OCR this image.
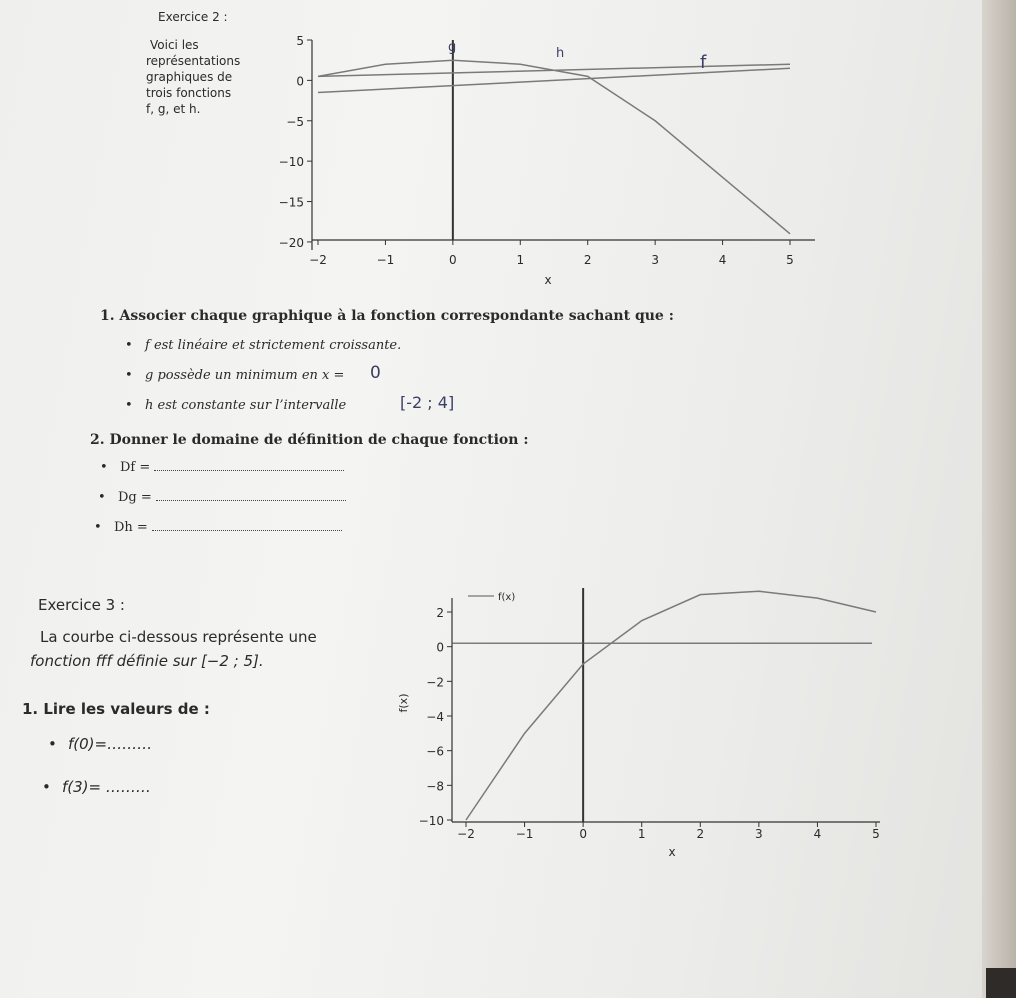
Exercice 2 :
Voici les
représentations
graphiques de
trois fonctions
f, g, et h.
5
0
−5
−10
−15
−20
−2	−1	0	1	2	3	4	5
x
2
0
−2
−4
−6
−8
−10
−2	−1	0	1	2	3	4	5
x
f(x)
f(x)
g	h	f
1. Associer chaque graphique à la fonction correspondante sachant que :
• f est linéaire et strictement croissante.
• g possède un minimum en x = 0
• h est constante sur l’intervalle	[-2 ; 4]
2. Donner le domaine de définition de chaque fonction :
• Df =
• Dg =
• Dh =
Exercice 3 :
La courbe ci-dessous représente une
fonction fff définie sur [−2 ; 5].
1. Lire les valeurs de :
• f(0)=………
• f(3)= ………
